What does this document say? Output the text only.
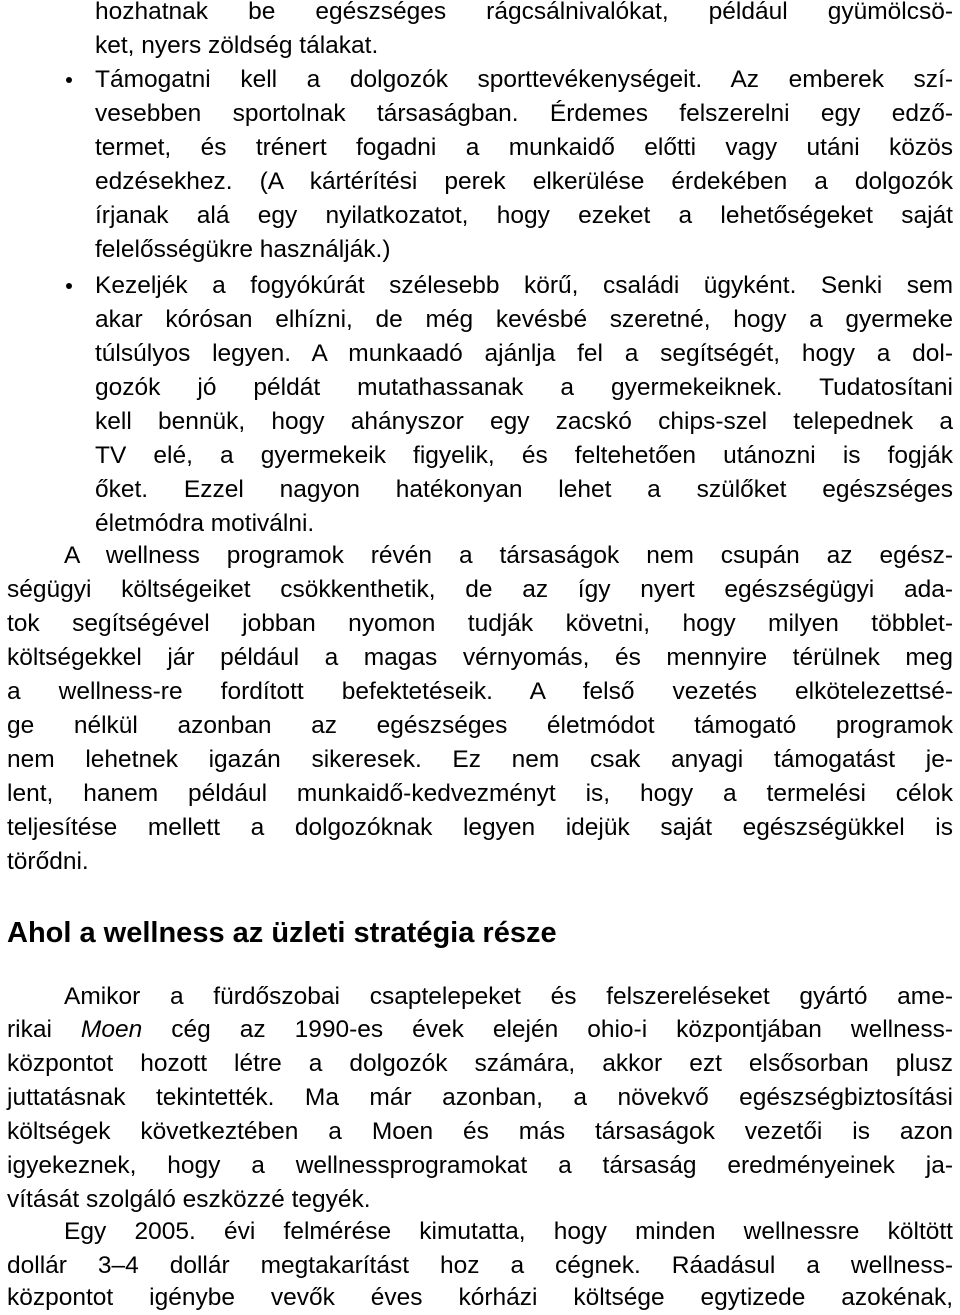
hozhatnak be egészséges rágcsálnivalókat, például gyümölcsö-
ket, nyers zöldség tálakat.
Támogatni kell a dolgozók sporttevékenységeit. Az emberek szí-
vesebben sportolnak társaságban. Érdemes felszerelni egy edző-
termet, és trénert fogadni a munkaidő előtti vagy utáni közös
edzésekhez. (A kártérítési perek elkerülése érdekében a dolgozók
írjanak alá egy nyilatkozatot, hogy ezeket a lehetőségeket saját
felelősségükre használják.)
Kezeljék a fogyókúrát szélesebb körű, családi ügyként. Senki sem
akar kórósan elhízni, de még kevésbé szeretné, hogy a gyermeke
túlsúlyos legyen. A munkaadó ajánlja fel a segítségét, hogy a dol-
gozók jó példát mutathassanak a gyermekeiknek. Tudatosítani
kell bennük, hogy ahányszor egy zacskó chips-szel telepednek a
TV elé, a gyermekeik figyelik, és feltehetően utánozni is fogják
őket. Ezzel nagyon hatékonyan lehet a szülőket egészséges
életmódra motiválni.
A wellness programok révén a társaságok nem csupán az egész-
ségügyi költségeiket csökkenthetik, de az így nyert egészségügyi ada-
tok segítségével jobban nyomon tudják követni, hogy milyen többlet-
költségekkel jár például a magas vérnyomás, és mennyire térülnek meg
a wellness-re fordított befektetéseik. A felső vezetés elkötelezettsé-
ge nélkül azonban az egészséges életmódot támogató programok
nem lehetnek igazán sikeresek. Ez nem csak anyagi támogatást je-
lent, hanem például munkaidő-kedvezményt is, hogy a termelési célok
teljesítése mellett a dolgozóknak legyen idejük saját egészségükkel is
törődni.
Ahol a wellness az üzleti stratégia része
Amikor a fürdőszobai csaptelepeket és felszereléseket gyártó ame-
rikai Moen cég az 1990-es évek elején ohio-i központjában wellness-
központot hozott létre a dolgozók számára, akkor ezt elsősorban plusz
juttatásnak tekintették. Ma már azonban, a növekvő egészségbiztosítási
költségek következtében a Moen és más társaságok vezetői is azon
igyekeznek, hogy a wellnessprogramokat a társaság eredményeinek ja-
vítását szolgáló eszközzé tegyék.
Egy 2005. évi felmérése kimutatta, hogy minden wellnessre költött
dollár 3–4 dollár megtakarítást hoz a cégnek. Ráadásul a wellness-
központot igénybe vevők éves kórházi költsége egytizede azokénak,
